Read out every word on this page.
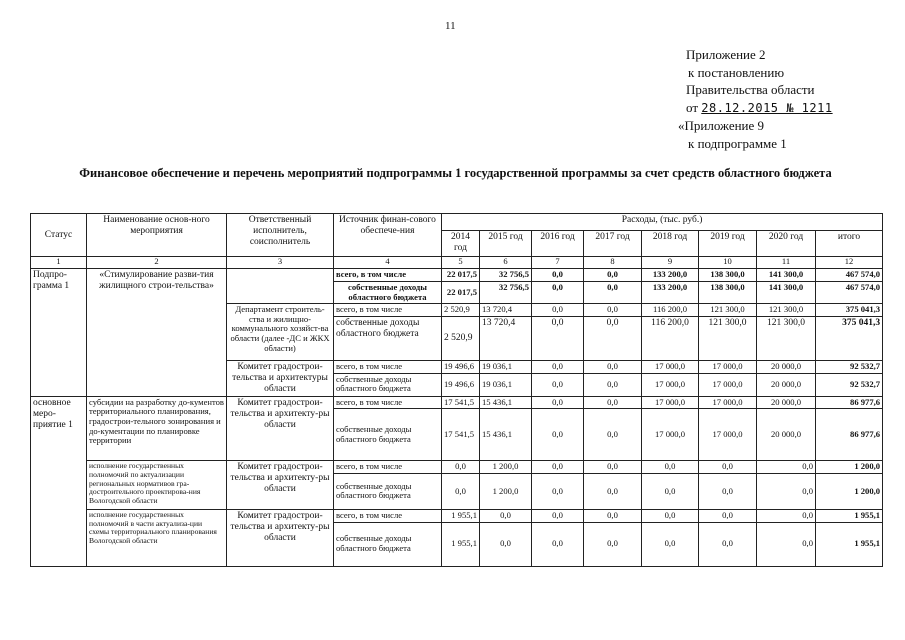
11
Приложение 2
к постановлению
Правительства области
от 28.12.2015 № 1211
«Приложение 9
к подпрограмме 1
Финансовое обеспечение и перечень мероприятий подпрограммы 1 государственной программы за счет средств областного бюджета
Статус	Наименование основ-ного мероприятия	Ответственный исполнитель, соисполнитель	Источник финан-сового обеспече-ния	Расходы, (тыс. руб.)							
				2014 год	2015 год	2016 год	2017 год	2018 год	2019 год	2020 год	итого
1	2	3	4	5	6	7	8	9	10	11	12
Подпро-грамма 1	«Стимулирование разви-тия жилищного строи-тельства»		всего, в том числе	22 017,5	32 756,5	0,0	0,0	133 200,0	138 300,0	141 300,0	467 574,0
			собственные доходы областного бюджета	22 017,5	32 756,5	0,0	0,0	133 200,0	138 300,0	141 300,0	467 574,0
		Департамент строитель-ства и жилищно-коммунального хозяйст-ва области (далее -ДС и ЖКХ области)	всего, в том числе	2 520,9	13 720,4	0,0	0,0	116 200,0	121 300,0	121 300,0	375 041,3
			собственные доходы областного бюджета	2 520,9	13 720,4	0,0	0,0	116 200,0	121 300,0	121 300,0	375 041,3
		Комитет градострои-тельства и архитектуры области	всего, в том числе	19 496,6	19 036,1	0,0	0,0	17 000,0	17 000,0	20 000,0	92 532,7
			собственные доходы областного бюджета	19 496,6	19 036,1	0,0	0,0	17 000,0	17 000,0	20 000,0	92 532,7
основное меро-приятие 1	субсидии на разработку до-кументов территориального планирования, градострои-тельного зонирования и до-кументации по планировке территории	Комитет градострои-тельства и архитекту-ры области	всего, в том числе	17 541,5	15 436,1	0,0	0,0	17 000,0	17 000,0	20 000,0	86 977,6
			собственные доходы областного бюджета	17 541,5	15 436,1	0,0	0,0	17 000,0	17 000,0	20 000,0	86 977,6
	исполнение государственных полномочий по актуализации региональных нормативов гра-достроительного проектирова-ния Вологодской области	Комитет градострои-тельства и архитекту-ры области	всего, в том числе	0,0	1 200,0	0,0	0,0	0,0	0,0	0,0	1 200,0
			собственные доходы областного бюджета	0,0	1 200,0	0,0	0,0	0,0	0,0	0,0	1 200,0
	исполнение государственных полномочий в части актуализа-ции схемы территориального планирования Вологодской области	Комитет градострои-тельства и архитекту-ры области	всего, в том числе	1 955,1	0,0	0,0	0,0	0,0	0,0	0,0	1 955,1
			собственные доходы областного бюджета	1 955,1	0,0	0,0	0,0	0,0	0,0	0,0	1 955,1
